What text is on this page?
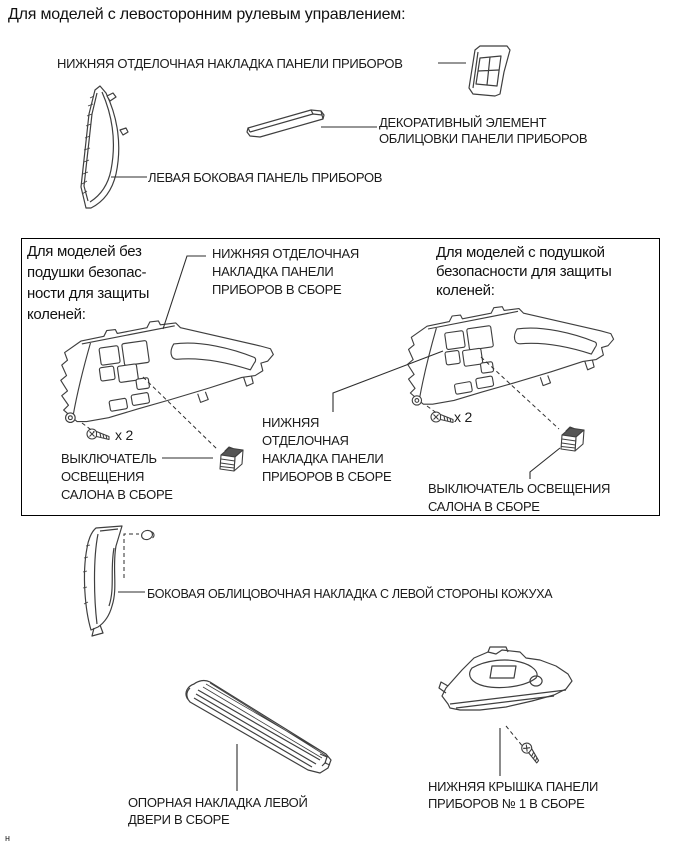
Для моделей с левосторонним рулевым управлением:
НИЖНЯЯ ОТДЕЛОЧНАЯ НАКЛАДКА ПАНЕЛИ ПРИБОРОВ
ДЕКОРАТИВНЫЙ ЭЛЕМЕНТ
ОБЛИЦОВКИ ПАНЕЛИ ПРИБОРОВ
ЛЕВАЯ БОКОВАЯ ПАНЕЛЬ ПРИБОРОВ
Для моделей без
подушки безопас-
ности для защиты
коленей:
НИЖНЯЯ ОТДЕЛОЧНАЯ
НАКЛАДКА ПАНЕЛИ
ПРИБОРОВ В СБОРЕ
Для моделей с подушкой
безопасности для защиты
коленей:
x 2
x 2
ВЫКЛЮЧАТЕЛЬ
ОСВЕЩЕНИЯ
САЛОНА В СБОРЕ
НИЖНЯЯ
ОТДЕЛОЧНАЯ
НАКЛАДКА ПАНЕЛИ
ПРИБОРОВ В СБОРЕ
ВЫКЛЮЧАТЕЛЬ ОСВЕЩЕНИЯ
САЛОНА В СБОРЕ
БОКОВАЯ ОБЛИЦОВОЧНАЯ НАКЛАДКА С ЛЕВОЙ СТОРОНЫ КОЖУХА
ОПОРНАЯ НАКЛАДКА ЛЕВОЙ
ДВЕРИ В СБОРЕ
НИЖНЯЯ КРЫШКА ПАНЕЛИ
ПРИБОРОВ № 1 В СБОРЕ
н
